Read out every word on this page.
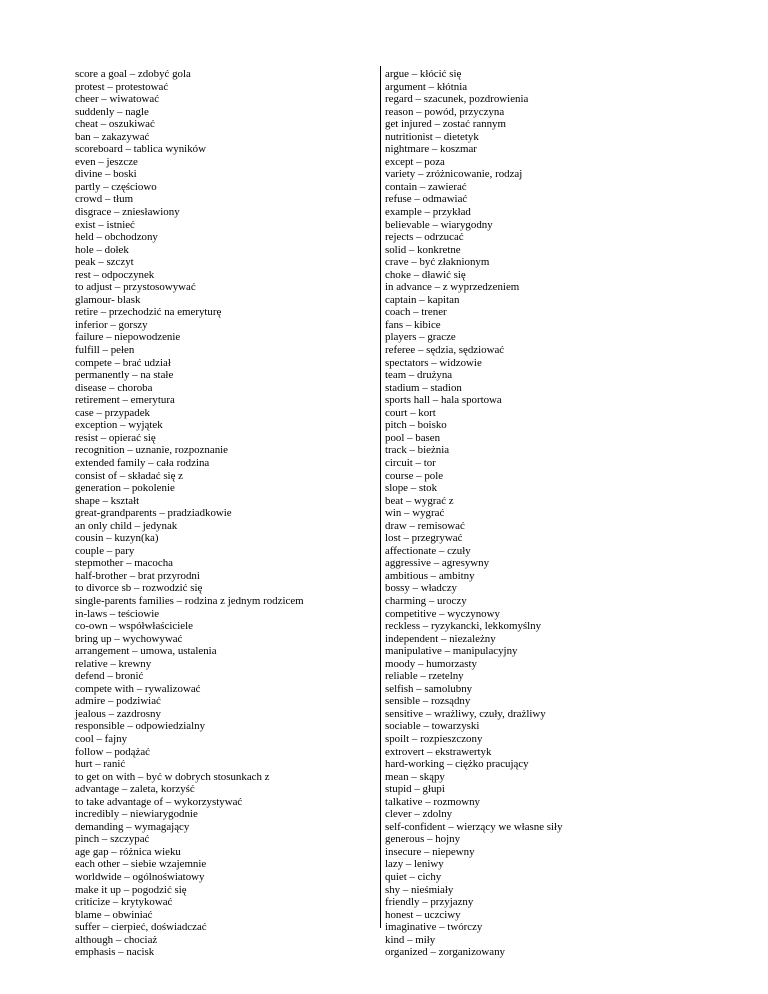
score a goal – zdobyć gola
protest – protestować
cheer – wiwatować
suddenly – nagle
cheat – oszukiwać
ban – zakazywać
scoreboard – tablica wyników
even – jeszcze
divine – boski
partly – częściowo
crowd – tłum
disgrace – zniesławiony
exist – istnieć
held – obchodzony
hole – dołek
peak – szczyt
rest – odpoczynek
to adjust – przystosowywać
glamour- blask
retire – przechodzić na emeryturę
inferior – gorszy
failure – niepowodzenie
fulfill – pełen
compete – brać udział
permanently – na stałe
disease – choroba
retirement – emerytura
case – przypadek
exception – wyjątek
resist – opierać się
recognition – uznanie, rozpoznanie
extended family – cała rodzina
consist of – składać się z
generation – pokolenie
shape – kształt
great-grandparents – pradziadkowie
an only child – jedynak
cousin – kuzyn(ka)
couple – pary
stepmother – macocha
half-brother – brat przyrodni
to divorce sb – rozwodzić się
single-parents families – rodzina z jednym rodzicem
in-laws – teściowie
co-own – współwłaściciele
bring up – wychowywać
arrangement – umowa, ustalenia
relative – krewny
defend – bronić
compete with – rywalizować
admire – podziwiać
jealous – zazdrosny
responsible – odpowiedzialny
cool – fajny
follow – podążać
hurt – ranić
to get on with – być w dobrych stosunkach z
advantage – zaleta, korzyść
to take advantage of – wykorzystywać
incredibly – niewiarygodnie
demanding – wymagający
pinch – szczypać
age gap – różnica wieku
each other – siebie wzajemnie
worldwide – ogólnoświatowy
make it up – pogodzić się
criticize – krytykować
blame – obwiniać
suffer – cierpieć, doświadczać
although – chociaż
emphasis – nacisk
argue – kłócić się
argument – kłótnia
regard – szacunek, pozdrowienia
reason – powód, przyczyna
get injured – zostać rannym
nutritionist – dietetyk
nightmare – koszmar
except – poza
variety – zróżnicowanie, rodzaj
contain – zawierać
refuse – odmawiać
example – przykład
believable – wiarygodny
rejects – odrzucać
solid – konkretne
crave – być złaknionym
choke – dławić się
in advance – z wyprzedzeniem
captain – kapitan
coach – trener
fans – kibice
players – gracze
referee – sędzia, sędziować
spectators – widzowie
team – drużyna
stadium – stadion
sports hall – hala sportowa
court – kort
pitch – boisko
pool – basen
track – bieżnia
circuit – tor
course – pole
slope – stok
beat – wygrać z
win – wygrać
draw – remisować
lost – przegrywać
affectionate – czuły
aggressive – agresywny
ambitious – ambitny
bossy – władczy
charming – uroczy
competitive – wyczynowy
reckless – ryzykancki, lekkomyślny
independent – niezależny
manipulative – manipulacyjny
moody – humorzasty
reliable – rzetelny
selfish – samolubny
sensible – rozsądny
sensitive – wrażliwy, czuły, drażliwy
sociable – towarzyski
spoilt – rozpieszczony
extrovert – ekstrawertyk
hard-working – ciężko pracujący
mean – skąpy
stupid – głupi
talkative – rozmowny
clever – zdolny
self-confident – wierzący we własne siły
generous – hojny
insecure – niepewny
lazy – leniwy
quiet – cichy
shy – nieśmiały
friendly – przyjazny
honest – uczciwy
imaginative – twórczy
kind – miły
organized – zorganizowany
